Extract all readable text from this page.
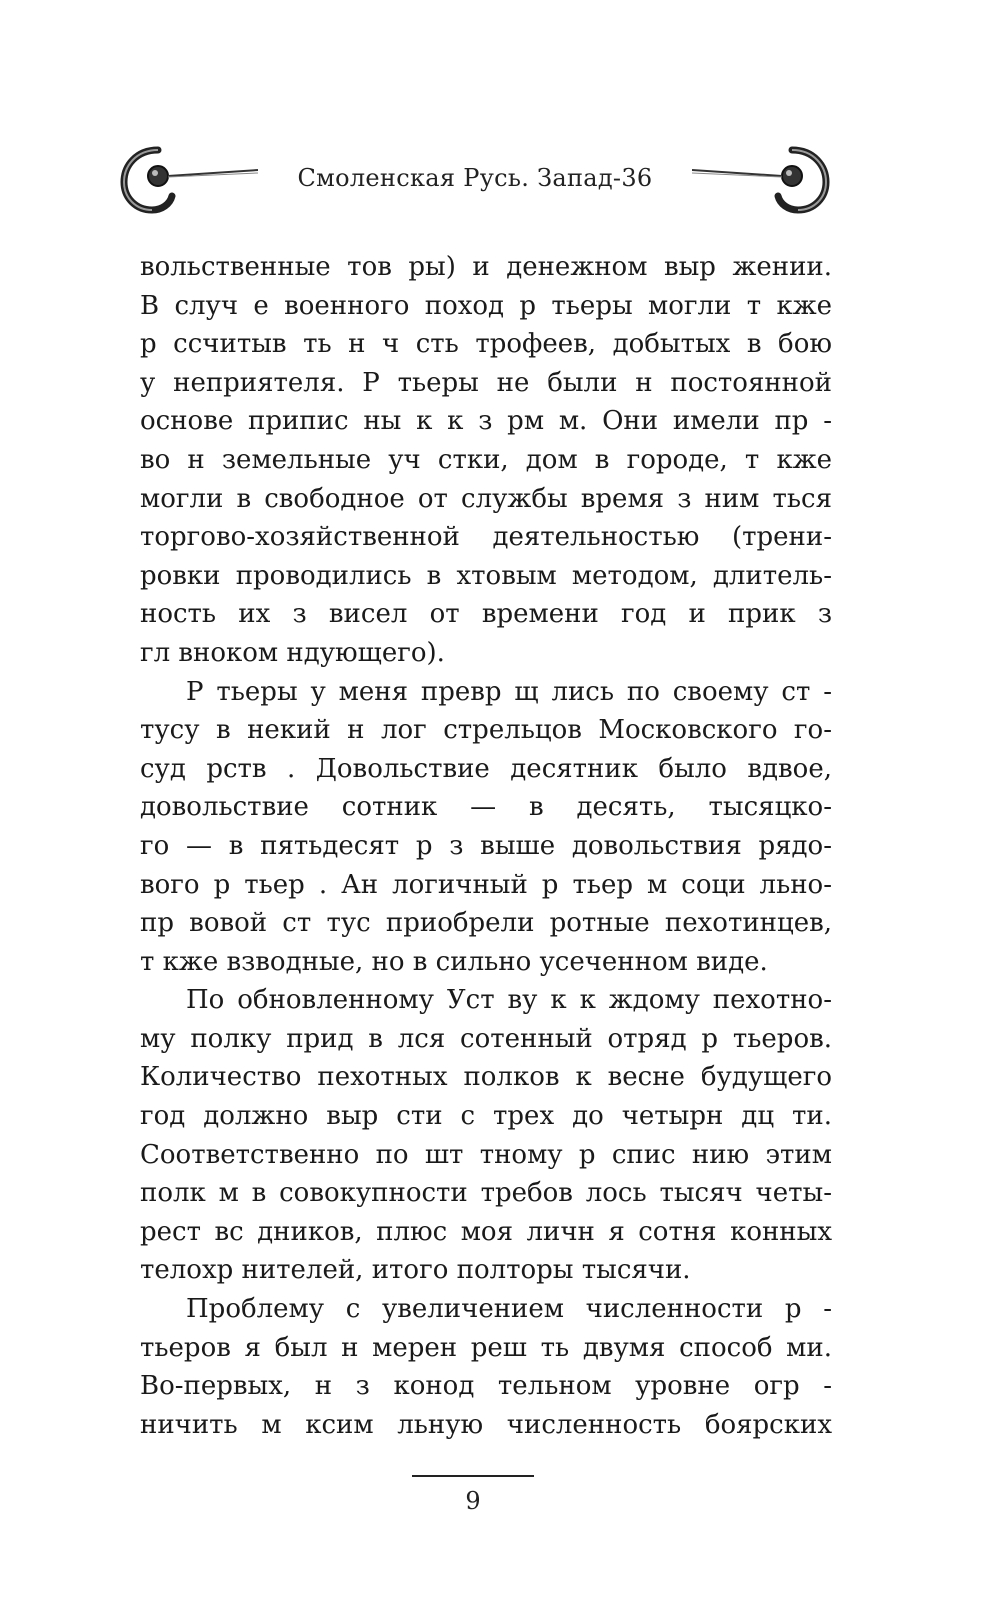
Смоленская Русь. Запад-36
вольственные тов ры) и денежном выр жении.
В случ е военного поход р тьеры могли т кже
р ссчитыв ть н ч сть трофеев, добытых в бою
у неприятеля. Р тьеры не были н постоянной
основе припис ны к к з рм м. Они имели пр -
во н земельные уч стки, дом в городе, т кже
могли в свободное от службы время з ним ться
торгово-хозяйственной деятельностью (трени-
ровки проводились в хтовым методом, длитель-
ность их з висел от времени год и прик з
гл вноком ндующего).
Р тьеры у меня превр щ лись по своему ст -
тусу в некий н лог стрельцов Московского го-
суд рств . Довольствие десятник было вдвое,
довольствие сотник — в десять, тысяцко-
го — в пятьдесят р з выше довольствия рядо-
вого р тьер . Ан логичный р тьер м соци льно-
пр вовой ст тус приобрели ротные пехотинцев,
т кже взводные, но в сильно усеченном виде.
По обновленному Уст ву к к ждому пехотно-
му полку прид в лся сотенный отряд р тьеров.
Количество пехотных полков к весне будущего
год должно выр сти с трех до четырн дц ти.
Соответственно по шт тному р спис нию этим
полк м в совокупности требов лось тысяч четы-
рест вс дников, плюс моя личн я сотня конных
телохр нителей, итого полторы тысячи.
Проблему с увеличением численности р -
тьеров я был н мерен реш ть двумя способ ми.
Во-первых, н з конод тельном уровне огр -
ничить м ксим льную численность боярских
9
